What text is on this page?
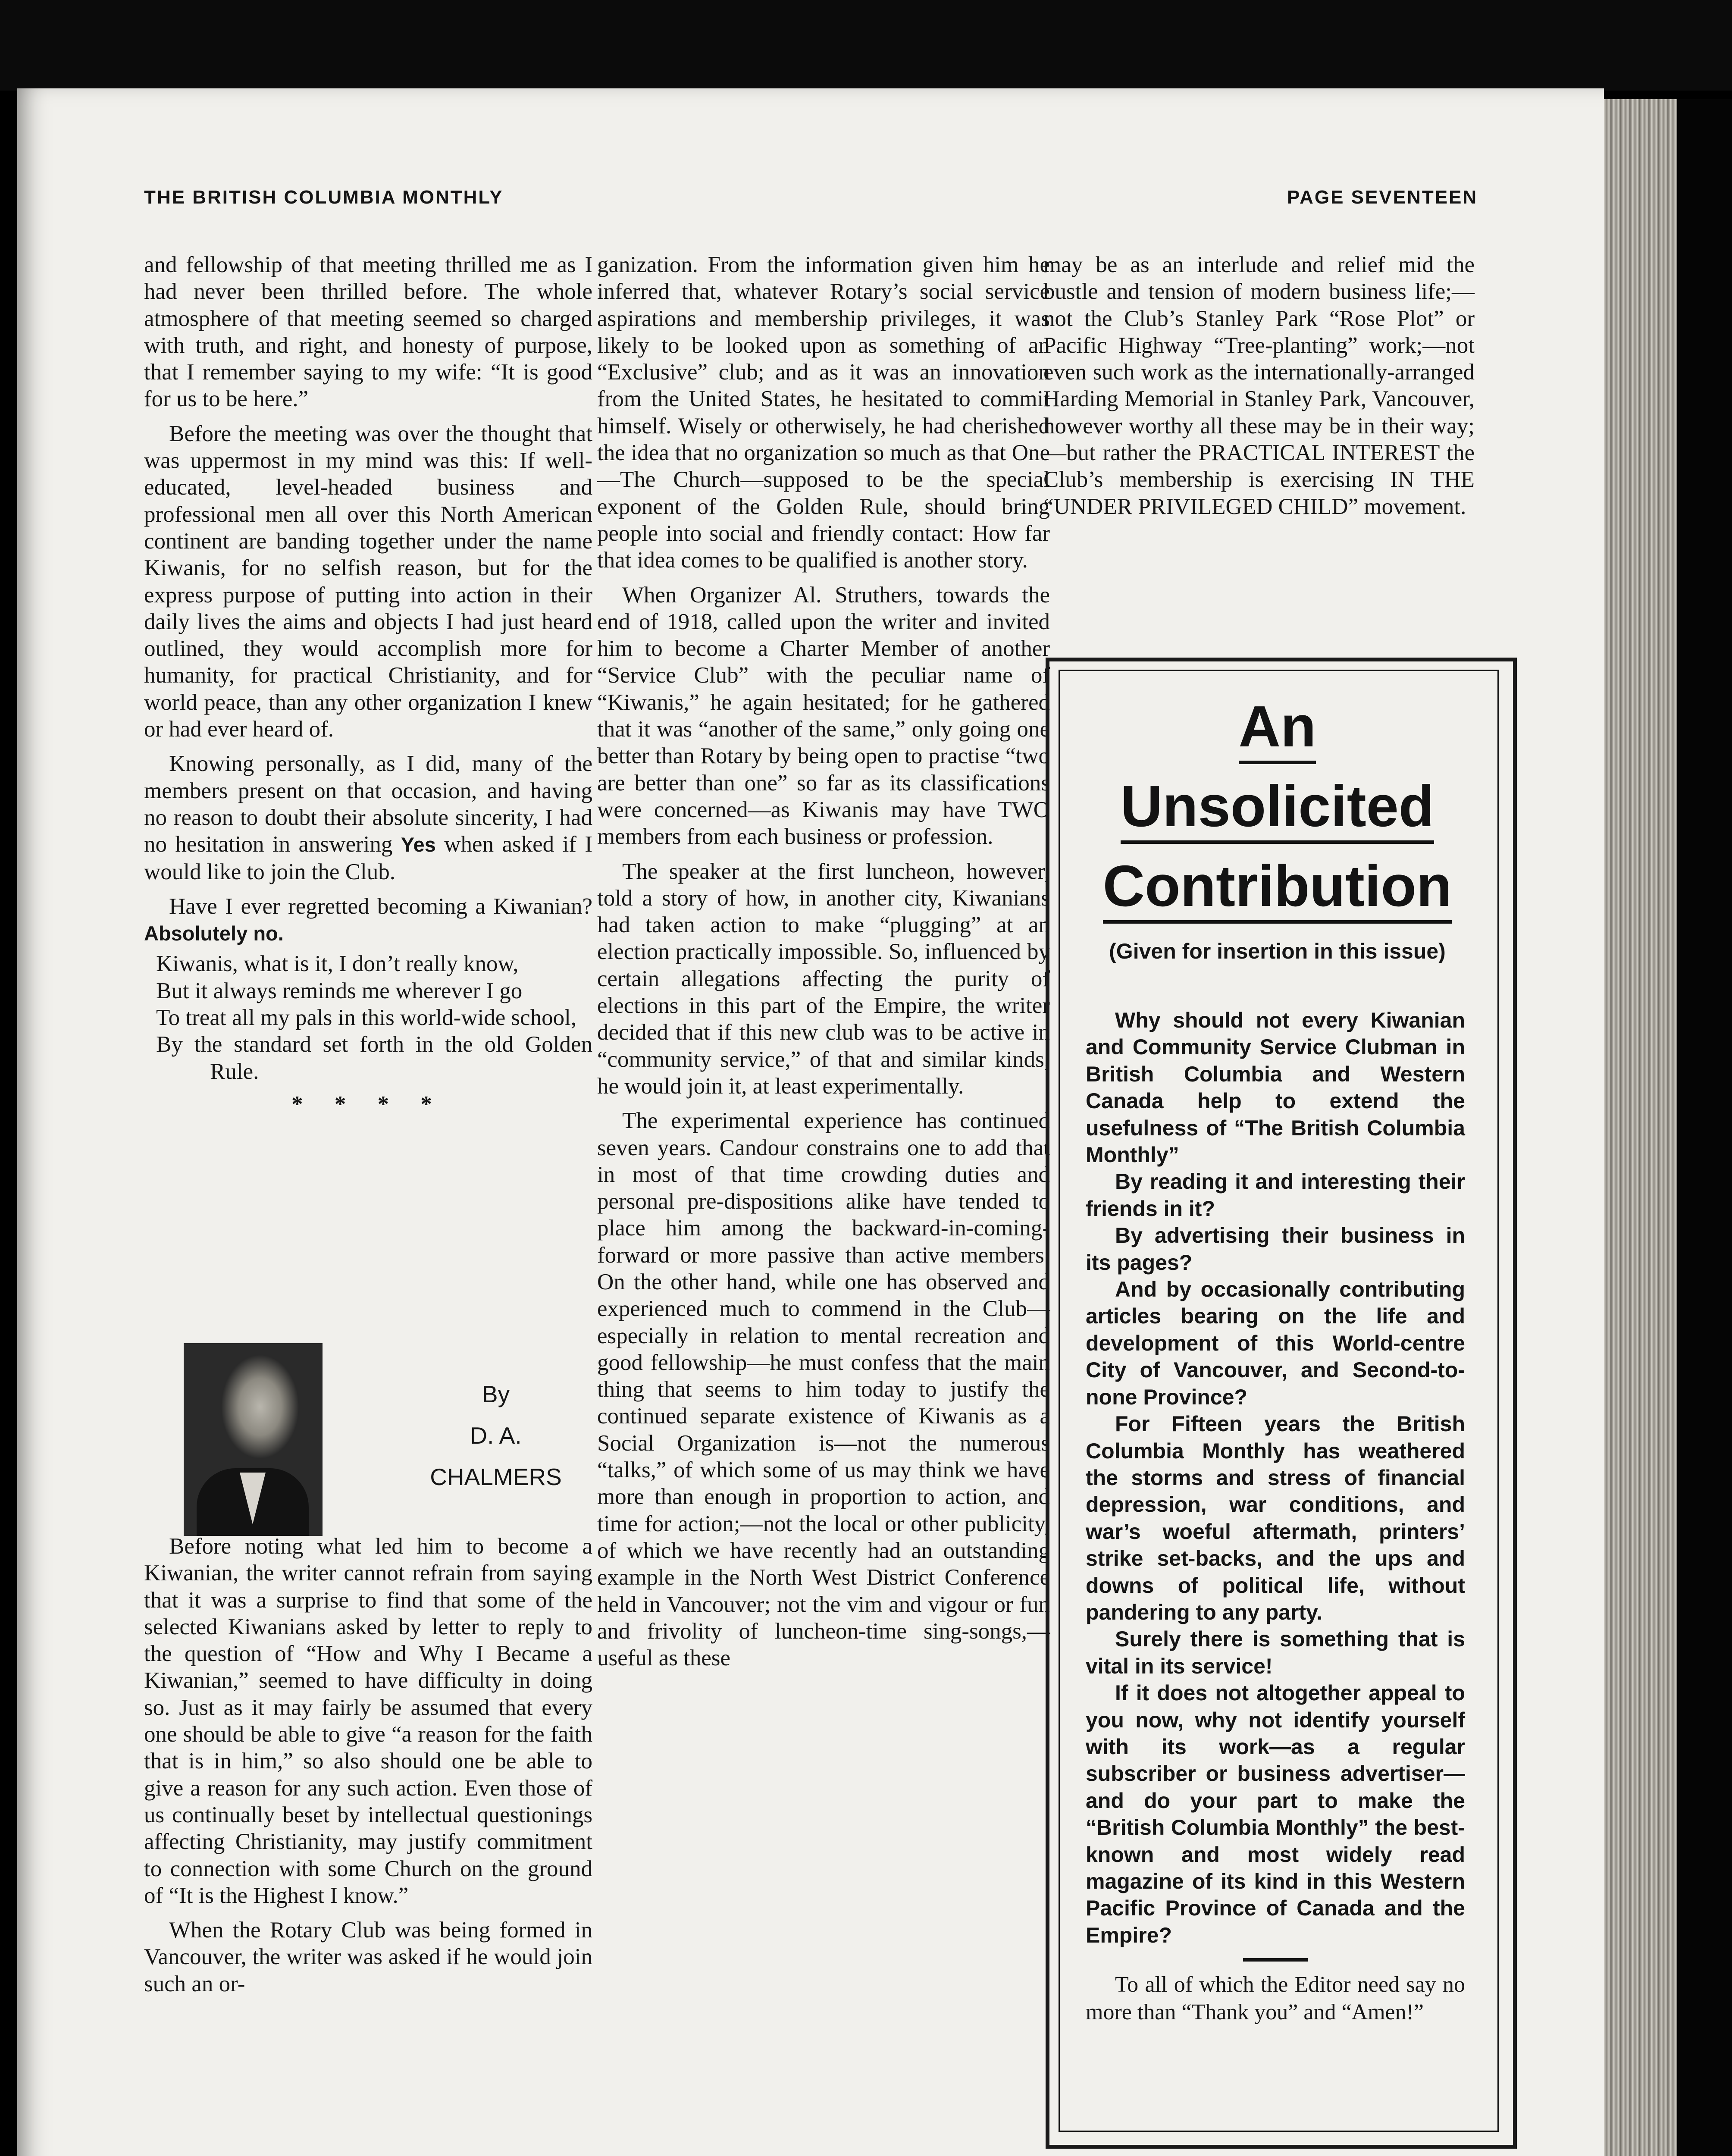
THE BRITISH COLUMBIA MONTHLY	PAGE SEVENTEEN

and fellowship of that meeting thrilled me as I had never been thrilled before. The whole atmosphere of that meeting seemed so charged with truth, and right, and honesty of purpose, that I remember saying to my wife: “It is good for us to be here.”

Before the meeting was over the thought that was uppermost in my mind was this: If well-educated, level-headed business and professional men all over this North American continent are banding together under the name Kiwanis, for no selfish reason, but for the express purpose of putting into action in their daily lives the aims and objects I had just heard outlined, they would accomplish more for humanity, for practical Christianity, and for world peace, than any other organization I knew or had ever heard of.

Knowing personally, as I did, many of the members present on that occasion, and having no reason to doubt their absolute sincerity, I had no hesitation in answering Yes when asked if I would like to join the Club.

Have I ever regretted becoming a Kiwanian? Absolutely no.

Kiwanis, what is it, I don’t really know,
But it always reminds me wherever I go
To treat all my pals in this world-wide school,
By the standard set forth in the old Golden Rule.
* * * *
By
D. A.
CHALMERS

Before noting what led him to become a Kiwanian, the writer cannot refrain from saying that it was a surprise to find that some of the selected Kiwanians asked by letter to reply to the question of “How and Why I Became a Kiwanian,” seemed to have difficulty in doing so. Just as it may fairly be assumed that every one should be able to give “a reason for the faith that is in him,” so also should one be able to give a reason for any such action. Even those of us continually beset by intellectual questionings affecting Christianity, may justify commitment to connection with some Church on the ground of “It is the Highest I know.”

When the Rotary Club was being formed in Vancouver, the writer was asked if he would join such an or-

ganization. From the information given him he inferred that, whatever Rotary’s social service aspirations and membership privileges, it was likely to be looked upon as something of an “Exclusive” club; and as it was an innovation from the United States, he hesitated to commit himself. Wisely or otherwisely, he had cherished the idea that no organization so much as that One—The Church—supposed to be the special exponent of the Golden Rule, should bring people into social and friendly contact: How far that idea comes to be qualified is another story.

When Organizer Al. Struthers, towards the end of 1918, called upon the writer and invited him to become a Charter Member of another “Service Club” with the peculiar name of “Kiwanis,” he again hesitated; for he gathered that it was “another of the same,” only going one better than Rotary by being open to practise “two are better than one” so far as its classifications were concerned—as Kiwanis may have TWO members from each business or profession.

The speaker at the first luncheon, however, told a story of how, in another city, Kiwanians had taken action to make “plugging” at an election practically impossible. So, influenced by certain allegations affecting the purity of elections in this part of the Empire, the writer decided that if this new club was to be active in “community service,” of that and similar kinds, he would join it, at least experimentally.

The experimental experience has continued seven years. Candour constrains one to add that in most of that time crowding duties and personal pre-dispositions alike have tended to place him among the backward-in-coming-forward or more passive than active members. On the other hand, while one has observed and experienced much to commend in the Club—especially in relation to mental recreation and good fellowship—he must confess that the main thing that seems to him today to justify the continued separate existence of Kiwanis as a Social Organization is—not the numerous “talks,” of which some of us may think we have more than enough in proportion to action, and time for action;—not the local or other publicity, of which we have recently had an outstanding example in the North West District Conference held in Vancouver; not the vim and vigour or fun and frivolity of luncheon-time sing-songs,—useful as these

may be as an interlude and relief mid the bustle and tension of modern business life;—not the Club’s Stanley Park “Rose Plot” or Pacific Highway “Tree-planting” work;—not even such work as the internationally-arranged Harding Memorial in Stanley Park, Vancouver, however worthy all these may be in their way;—but rather the PRACTICAL INTEREST the Club’s membership is exercising IN THE “UNDER PRIVILEGED CHILD” movement.

An
Unsolicited
Contribution
(Given for insertion in this issue)

Why should not every Kiwanian and Community Service Clubman in British Columbia and Western Canada help to extend the usefulness of “The British Columbia Monthly”

By reading it and interesting their friends in it?

By advertising their business in its pages?

And by occasionally contributing articles bearing on the life and development of this World-centre City of Vancouver, and Second-to-none Province?

For Fifteen years the British Columbia Monthly has weathered the storms and stress of financial depression, war conditions, and war’s woeful aftermath, printers’ strike set-backs, and the ups and downs of political life, without pandering to any party.

Surely there is something that is vital in its service!

If it does not altogether appeal to you now, why not identify yourself with its work—as a regular subscriber or business advertiser—and do your part to make the “British Columbia Monthly” the best-known and most widely read magazine of its kind in this Western Pacific Province of Canada and the Empire?

To all of which the Editor need say no more than “Thank you” and “Amen!”
